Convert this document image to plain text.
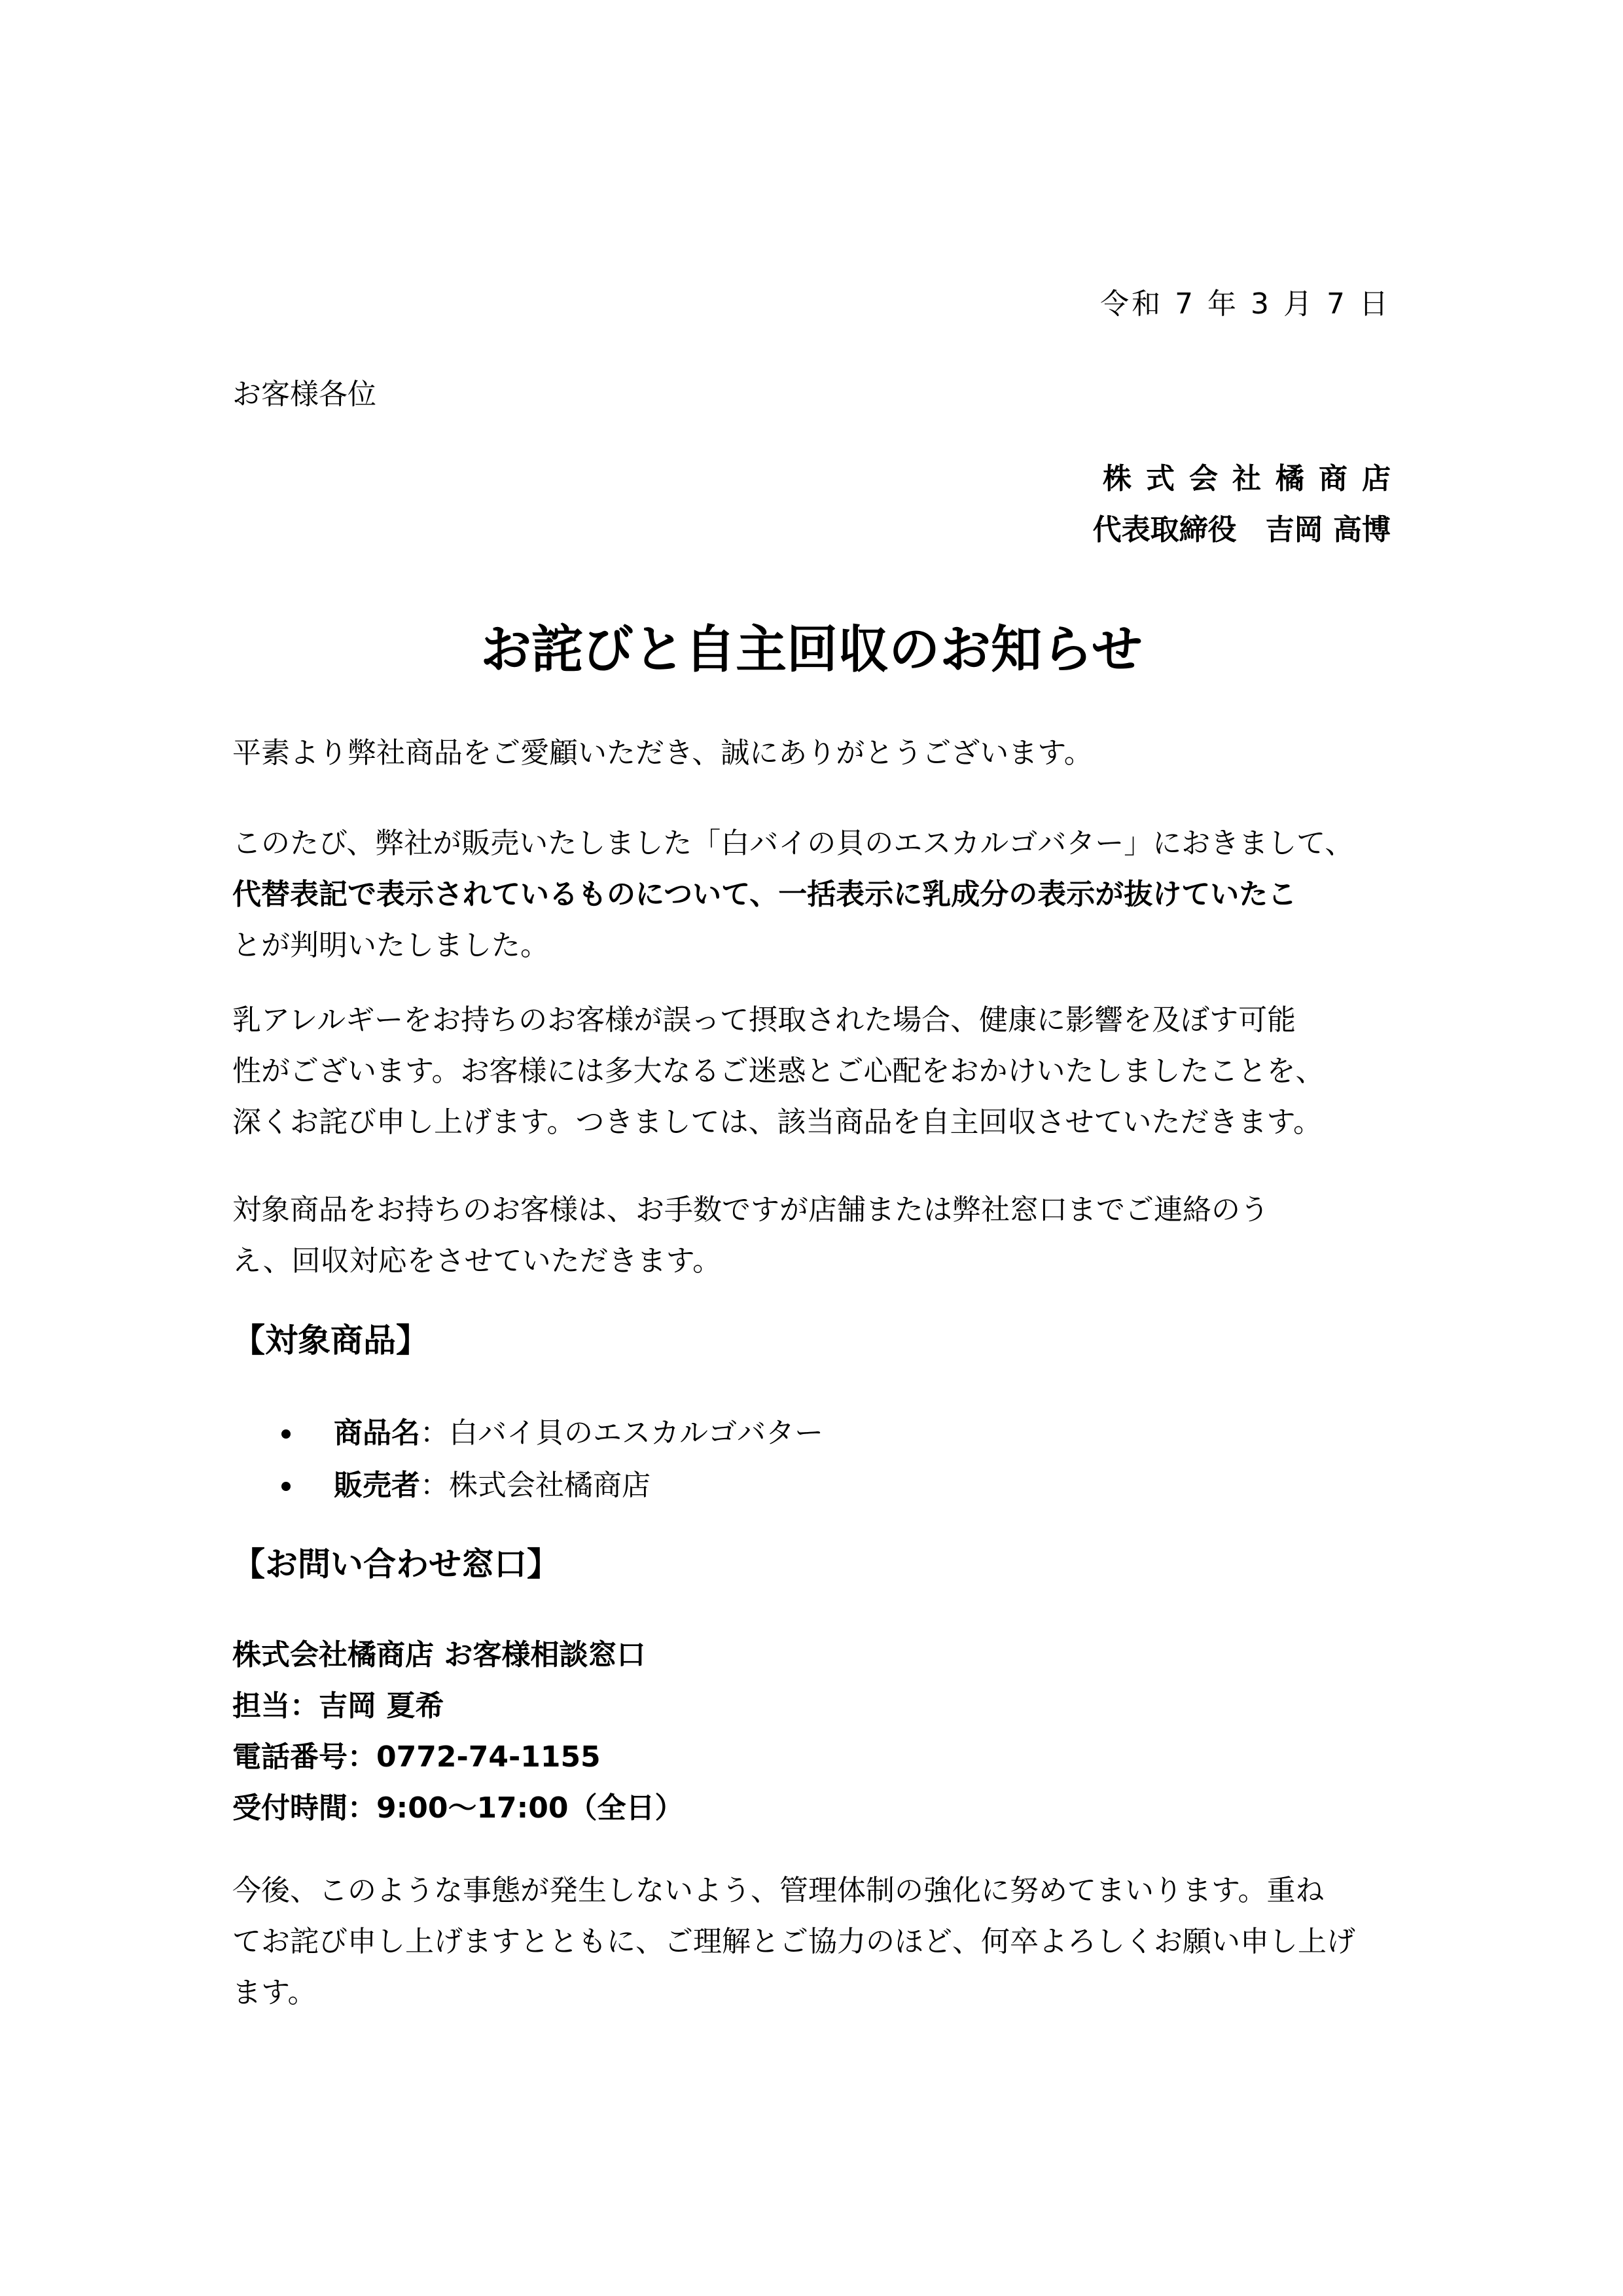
令和 7 年 3 月 7 日

お客様各位

株式会社橘商店

代表取締役　吉岡 高博

お詫びと自主回収のお知らせ

平素より弊社商品をご愛顧いただき、誠にありがとうございます。

このたび、弊社が販売いたしました「白バイの貝のエスカルゴバター」におきまして、
代替表記で表示されているものについて、一括表示に乳成分の表示が抜けていたこ
とが判明いたしました。
乳アレルギーをお持ちのお客様が誤って摂取された場合、健康に影響を及ぼす可能
性がございます。お客様には多大なるご迷惑とご心配をおかけいたしましたことを、
深くお詫び申し上げます。つきましては、該当商品を自主回収させていただきます。
対象商品をお持ちのお客様は、お手数ですが店舗または弊社窓口までご連絡のう
え、回収対応をさせていただきます。
【対象商品】
商品名：白バイ貝のエスカルゴバター
販売者：株式会社橘商店
【お問い合わせ窓口】
株式会社橘商店 お客様相談窓口
担当：吉岡 夏希
電話番号：0772-74-1155
受付時間：9:00～17:00（全日）
今後、このような事態が発生しないよう、管理体制の強化に努めてまいります。重ね
てお詫び申し上げますとともに、ご理解とご協力のほど、何卒よろしくお願い申し上げ
ます。
